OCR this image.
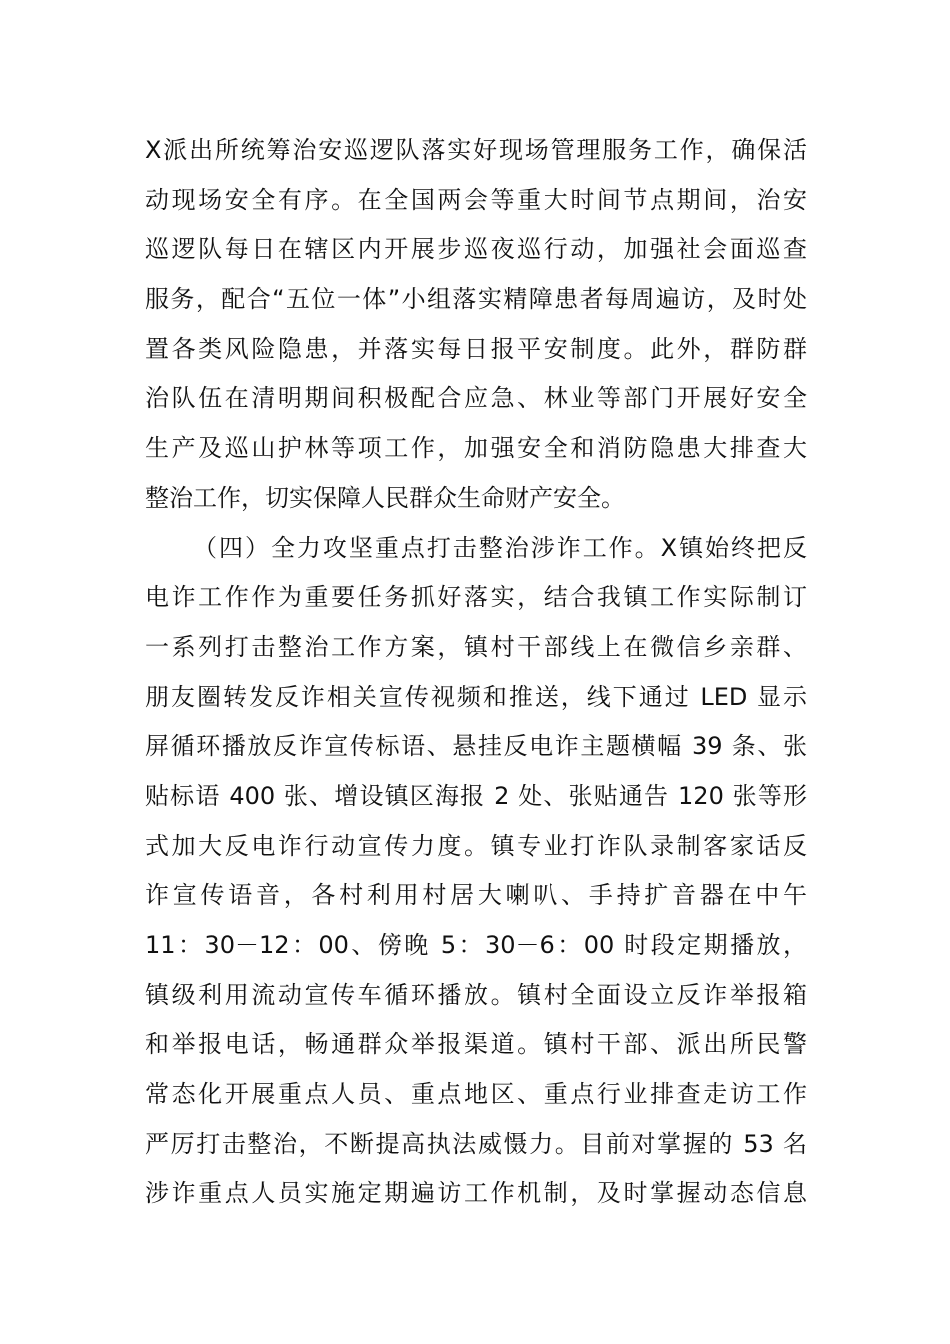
X派出所统筹治安巡逻队落实好现场管理服务工作，确保活
动现场安全有序。在全国两会等重大时间节点期间，治安
巡逻队每日在辖区内开展步巡夜巡行动，加强社会面巡查
服务，配合“五位一体”小组落实精障患者每周遍访，及时处
置各类风险隐患，并落实每日报平安制度。此外，群防群
治队伍在清明期间积极配合应急、林业等部门开展好安全
生产及巡山护林等项工作，加强安全和消防隐患大排查大
整治工作，切实保障人民群众生命财产安全。
（四）全力攻坚重点打击整治涉诈工作。X镇始终把反
电诈工作作为重要任务抓好落实，结合我镇工作实际制订
一系列打击整治工作方案，镇村干部线上在微信乡亲群、
朋友圈转发反诈相关宣传视频和推送，线下通过 LED 显示
屏循环播放反诈宣传标语、悬挂反电诈主题横幅 39 条、张
贴标语 400 张、增设镇区海报 2 处、张贴通告 120 张等形
式加大反电诈行动宣传力度。镇专业打诈队录制客家话反
诈宣传语音，各村利用村居大喇叭、手持扩音器在中午
11：30－12：00、傍晚 5：30－6：00 时段定期播放，
镇级利用流动宣传车循环播放。镇村全面设立反诈举报箱
和举报电话，畅通群众举报渠道。镇村干部、派出所民警
常态化开展重点人员、重点地区、重点行业排查走访工作
严厉打击整治，不断提高执法威慑力。目前对掌握的 53 名
涉诈重点人员实施定期遍访工作机制，及时掌握动态信息
